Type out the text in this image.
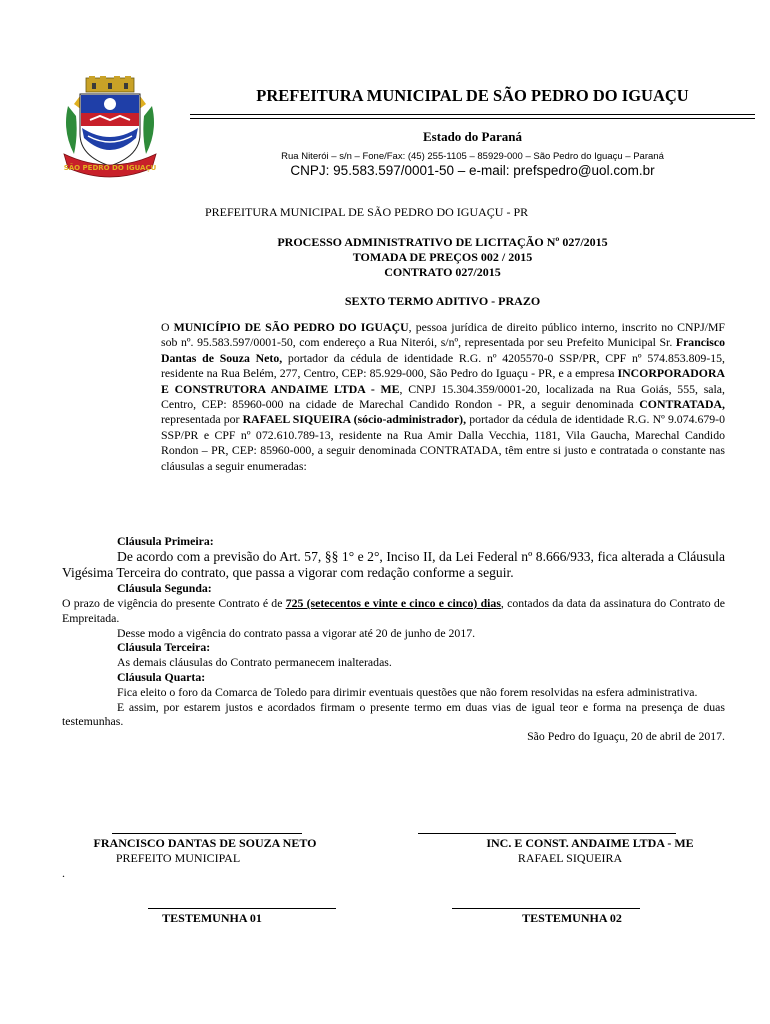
SÃO PEDRO DO IGUAÇU
PREFEITURA MUNICIPAL DE SÃO PEDRO DO IGUAÇU
Estado do Paraná
Rua Niterói – s/n – Fone/Fax: (45) 255-1105 – 85929-000 – São Pedro do Iguaçu – Paraná
CNPJ: 95.583.597/0001-50 – e-mail: prefspedro@uol.com.br
PREFEITURA MUNICIPAL DE SÃO PEDRO DO IGUAÇU - PR
PROCESSO ADMINISTRATIVO DE LICITAÇÃO Nº 027/2015
TOMADA DE PREÇOS 002 / 2015
CONTRATO 027/2015
SEXTO TERMO ADITIVO - PRAZO
O MUNICÍPIO DE SÃO PEDRO DO IGUAÇU, pessoa jurídica de direito público interno, inscrito no CNPJ/MF sob nº. 95.583.597/0001-50, com endereço a Rua Niterói, s/nº, representada por seu Prefeito Municipal Sr. Francisco Dantas de Souza Neto, portador da cédula de identidade R.G. nº 4205570-0 SSP/PR, CPF nº 574.853.809-15, residente na Rua Belém, 277, Centro, CEP: 85.929-000, São Pedro do Iguaçu - PR, e a empresa INCORPORADORA E CONSTRUTORA ANDAIME LTDA - ME, CNPJ 15.304.359/0001-20, localizada na Rua Goiás, 555, sala, Centro, CEP: 85960-000 na cidade de Marechal Candido Rondon - PR, a seguir denominada CONTRATADA, representada por RAFAEL SIQUEIRA (sócio-administrador), portador da cédula de identidade R.G. Nº 9.074.679-0 SSP/PR e CPF nº 072.610.789-13, residente na Rua Amir Dalla Vecchia, 1181, Vila Gaucha, Marechal Candido Rondon – PR, CEP: 85960-000, a seguir denominada CONTRATADA, têm entre si justo e contratada o constante nas cláusulas a seguir enumeradas:
Cláusula Primeira:
De acordo com a previsão do Art. 57, §§ 1° e 2°, Inciso II, da Lei Federal nº 8.666/933, fica alterada a Cláusula Vigésima Terceira do contrato, que passa a vigorar com redação conforme a seguir.
Cláusula Segunda:
O prazo de vigência do presente Contrato é de 725 (setecentos e vinte e cinco e cinco) dias, contados da data da assinatura do Contrato de Empreitada.
Desse modo a vigência do contrato passa a vigorar até 20 de junho de 2017.
Cláusula Terceira:
As demais cláusulas do Contrato permanecem inalteradas.
Cláusula Quarta:
Fica eleito o foro da Comarca de Toledo para dirimir eventuais questões que não forem resolvidas na esfera administrativa.
E assim, por estarem justos e acordados firmam o presente termo em duas vias de igual teor e forma na presença de duas testemunhas.
São Pedro do Iguaçu, 20 de abril de 2017.
FRANCISCO DANTAS DE SOUZA NETO
PREFEITO MUNICIPAL
INC. E CONST. ANDAIME LTDA - ME
RAFAEL SIQUEIRA
.
TESTEMUNHA 01	TESTEMUNHA 02
